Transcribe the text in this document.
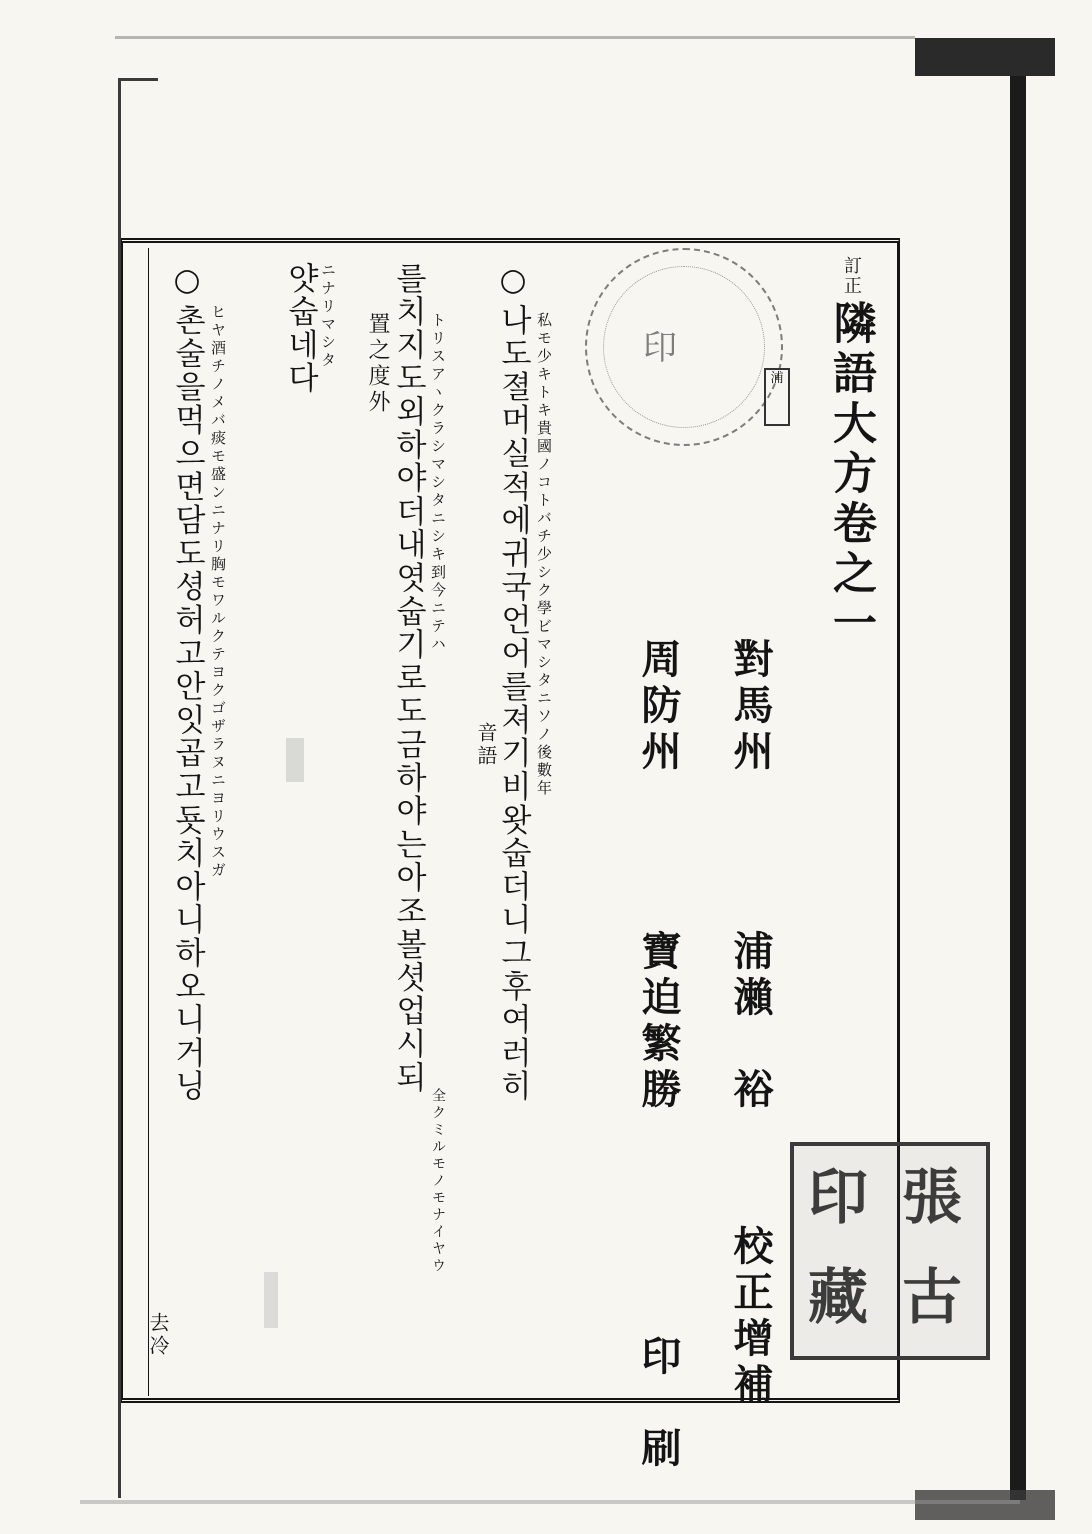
訂正
隣語大方卷之一
對馬州
浦瀨　裕
校正增補
周防州
寶迫繁勝
印　刷
印
浦
張
古
印
藏
○
나도졀머실적에귀국언어를져기비왓숩더니그후여러히 私モ少キトキ貴國ノコトバチ少シク學ビマシタニソノ後數年
音語
를치지도외하야더내엿숩기로도금하야는아조볼셧업시되 トリスアヽクラシマシタニシキ到今ニテハ
置之度外
全クミルモノモナイヤウ
얏숩네다 ニナリマシタ
○
촌술을먹으면담도셩허고안잇곱고둇치아니하오니거닝 ヒヤ酒チノメバ痰モ盛ンニナリ胸モワルクテヨクゴザラヌニヨリウスガ
去冷
